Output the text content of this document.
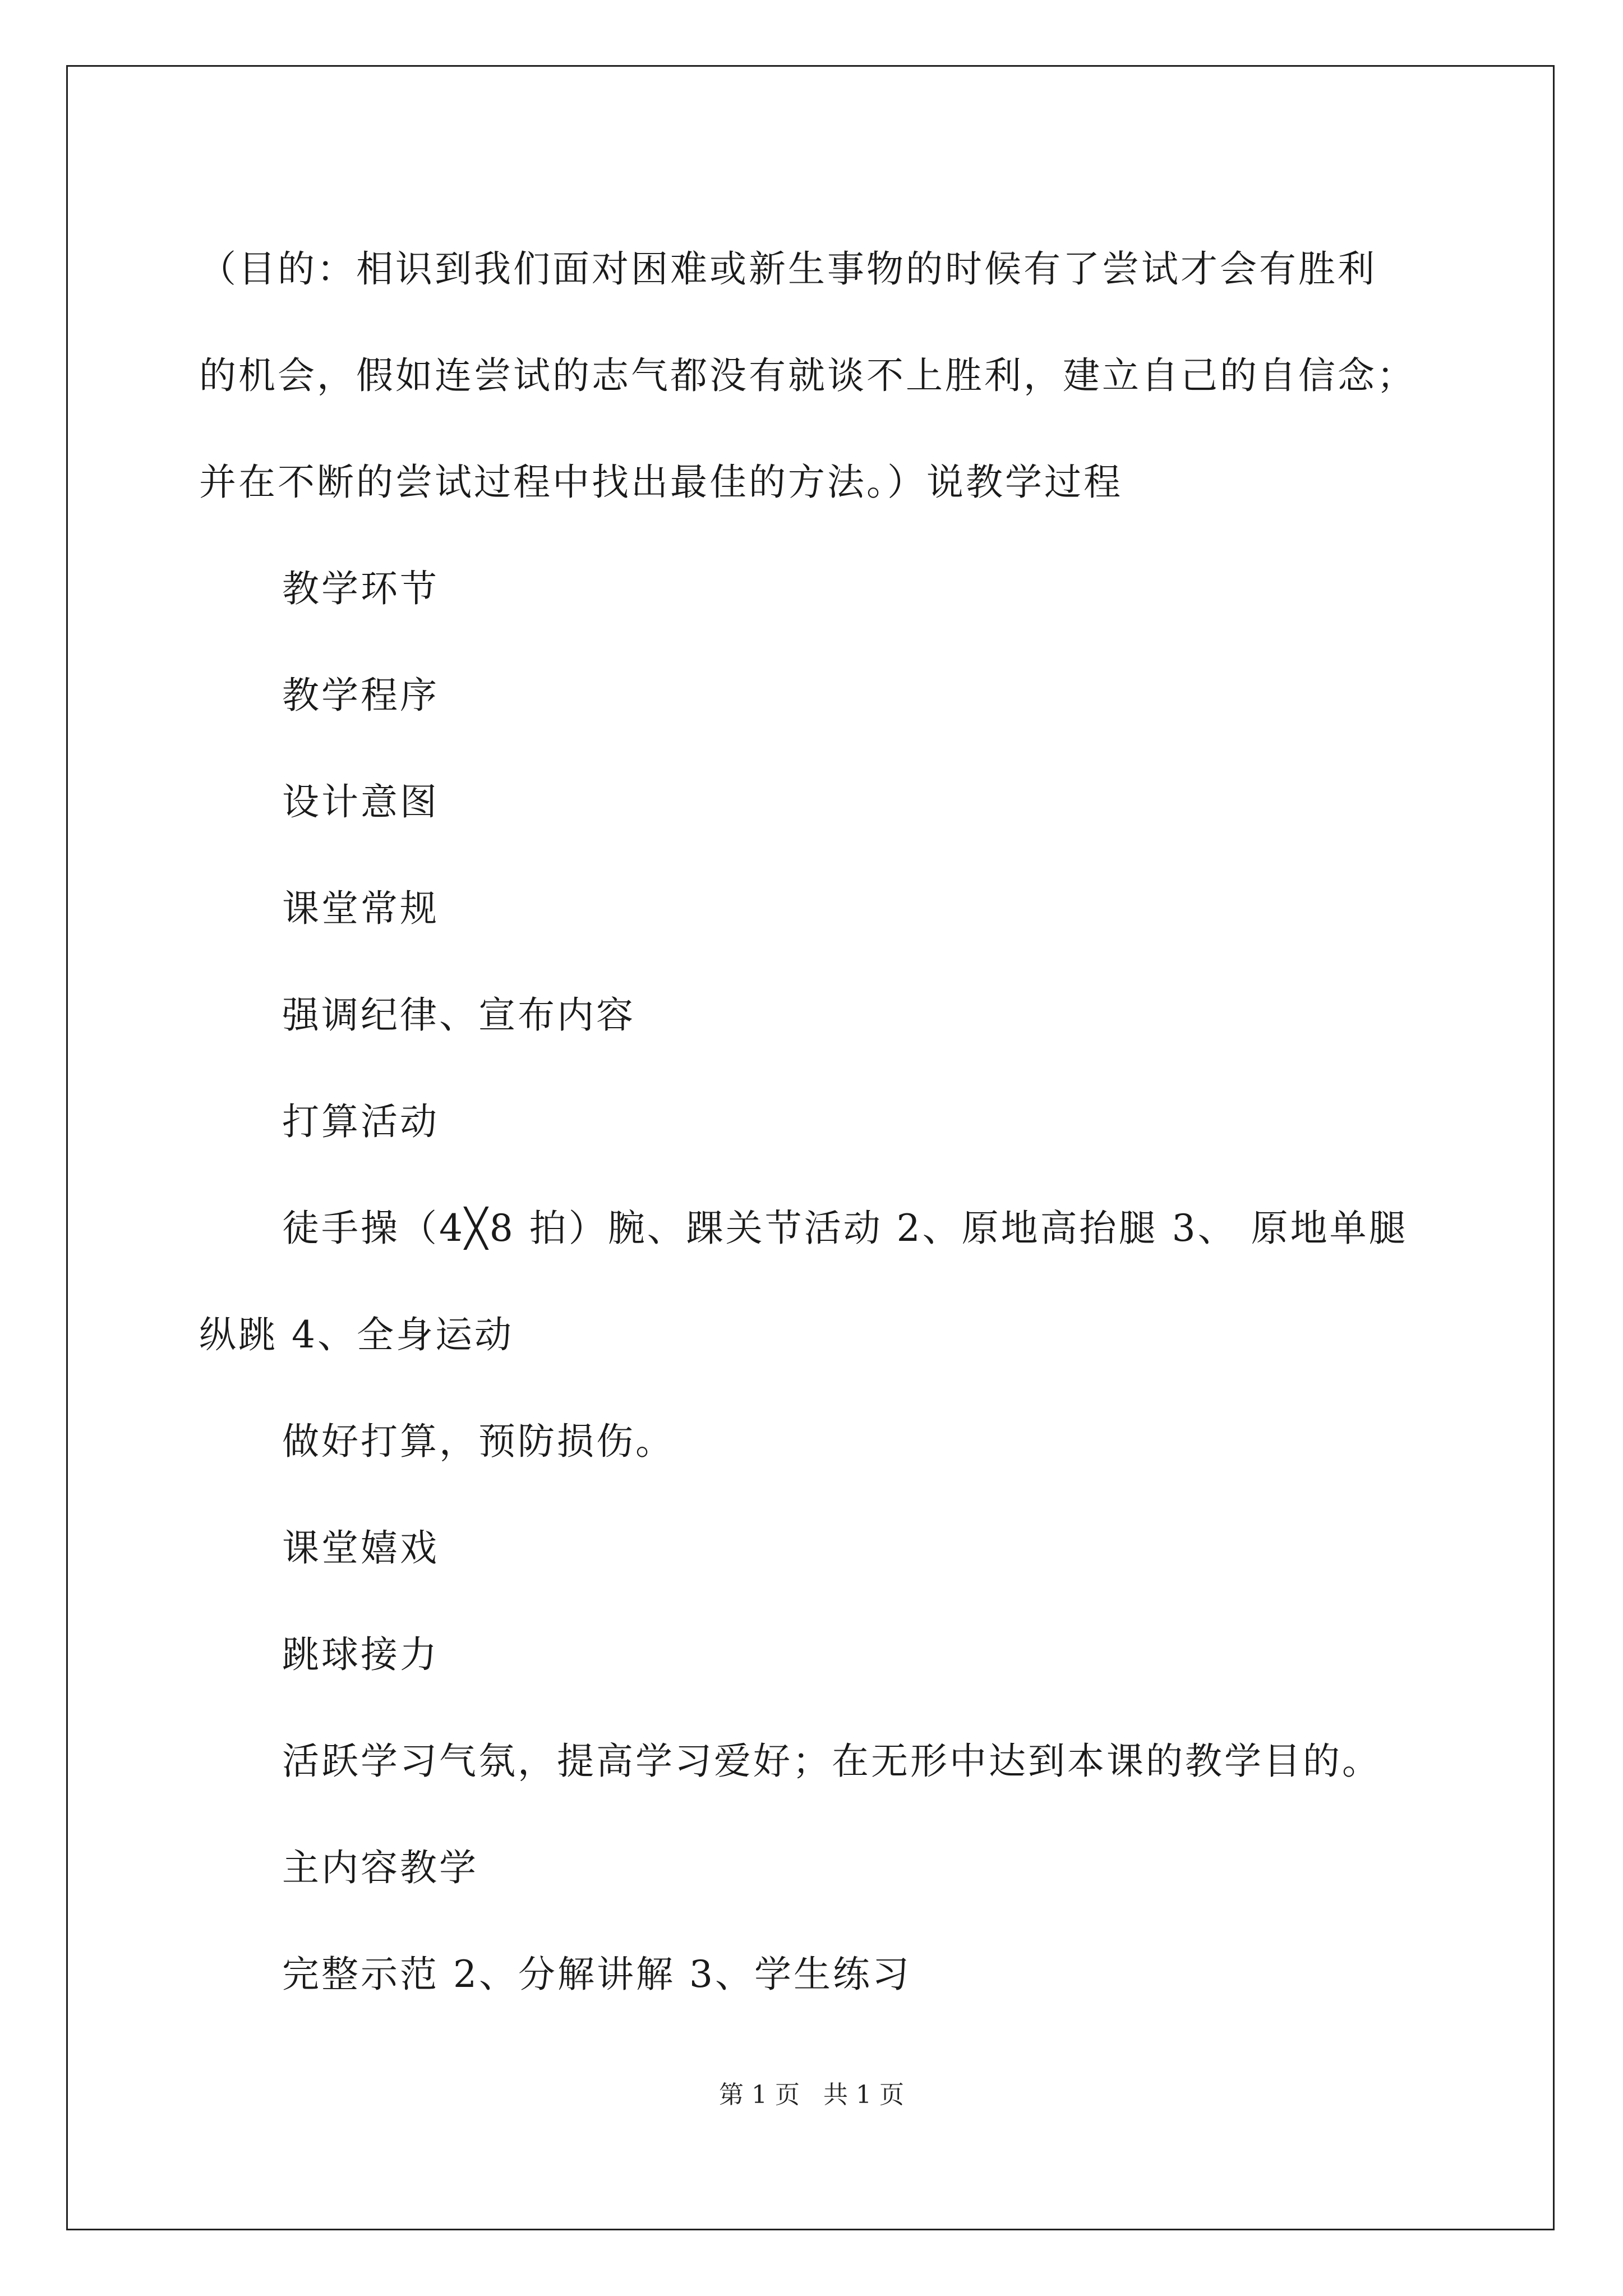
（目的：相识到我们面对困难或新生事物的时候有了尝试才会有胜利

的机会，假如连尝试的志气都没有就谈不上胜利，建立自己的自信念；

并在不断的尝试过程中找出最佳的方法。）说教学过程

教学环节

教学程序

设计意图

课堂常规

强调纪律、宣布内容

打算活动

徒手操（4╳8 拍）腕、踝关节活动 2、原地高抬腿 3、 原地单腿

纵跳 4、全身运动

做好打算，预防损伤。

课堂嬉戏

跳球接力

活跃学习气氛，提高学习爱好；在无形中达到本课的教学目的。

主内容教学

完整示范 2、分解讲解 3、学生练习

第 1 页 共 1 页
